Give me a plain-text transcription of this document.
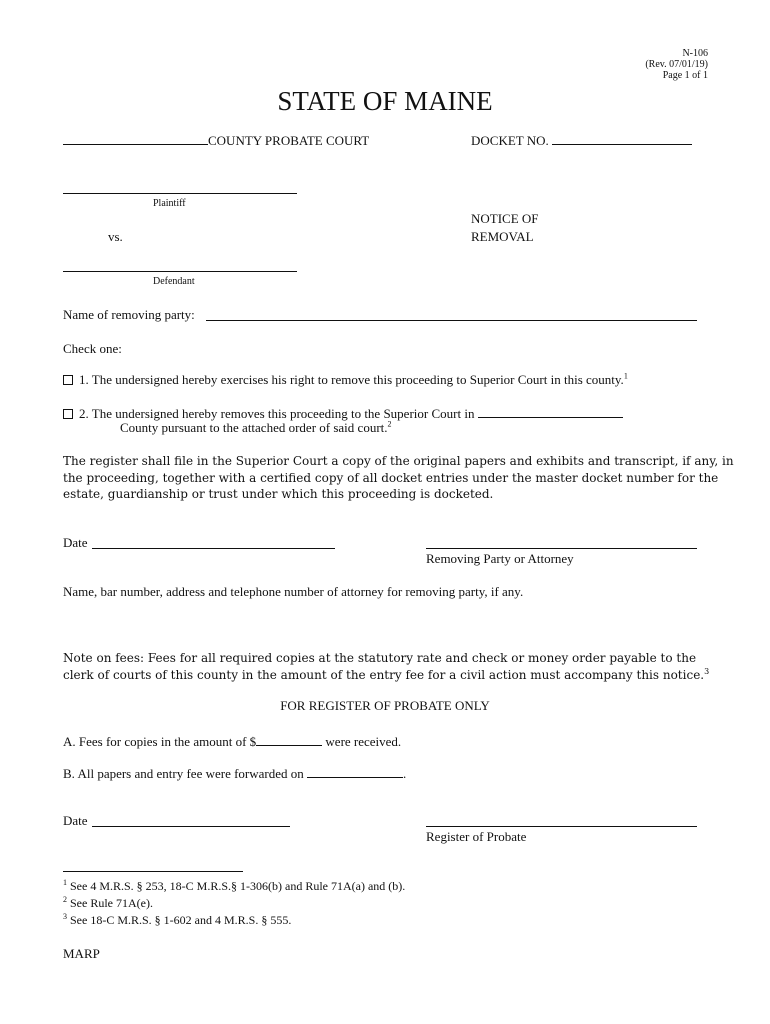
N-106
(Rev. 07/01/19)
Page 1 of 1
STATE OF MAINE
COUNTY PROBATE COURT	DOCKET NO.
Plaintiff
vs.
NOTICE OF
REMOVAL
Defendant
Name of removing party:
Check one:
1. The undersigned hereby exercises his right to remove this proceeding to Superior Court in this county.$^1$
2. The undersigned hereby removes this proceeding to the Superior Court in
County pursuant to the attached order of said court.$^2$
The register shall file in the Superior Court a copy of the original papers and exhibits and transcript, if any, in
the proceeding, together with a certified copy of all docket entries under the master docket number for the
estate, guardianship or trust under which this proceeding is docketed.
Date
Removing Party or Attorney
Name, bar number, address and telephone number of attorney for removing party, if any.
Note on fees: Fees for all required copies at the statutory rate and check or money order payable to the
clerk of courts of this county in the amount of the entry fee for a civil action must accompany this notice.$^3$
FOR REGISTER OF PROBATE ONLY
A. Fees for copies in the amount of $	were received.
B. All papers and entry fee were forwarded on	.
Date
Register of Probate
$^1$ See 4 M.R.S. § 253, 18-C M.R.S.§ 1-306(b) and Rule 71A(a) and (b).
$^2$ See Rule 71A(e).
$^3$ See 18-C M.R.S. § 1-602 and 4 M.R.S. § 555.
MARP
